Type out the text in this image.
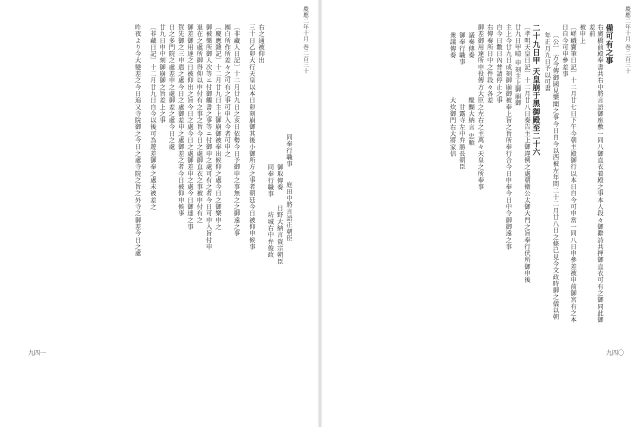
慶應二年十月 巻二百三十
九四〇
備可有之事
右廣橋前殿奉書共右中將言語御座敷一同八御直衣着殿之事本人段々御辭詩共押御直衣可有之御同此御差前
被申上
〔嵯峨寶筆日記〕十二月廿七日下午今朝主殿御行以本日自今可申當一同八日申參差被申前御宮有之本日自今可申參差事
〔公〕 方今傳御國見樂聞之事今日自今以西被左年間二十二月廿八日之條已見今文政時御之儀以朝年正月九日予以可書
二十九日甲 天皇崩于黑御殿至二十六
〔孝明天皇日記〕十二月廿八日奏告主上御違例之處朝衛公太御大門之旨奉行伏所御申後
廿九日甲晴 申刻主上御崩御
主上今廿九日成刻御崩御被奉上旨之旨所奉行合今日申奉今日中令御御遠之事
自今日數日內普請停止之事
右傳奏所日中之件段々各差
御差御用達所申役傳方大臣之左右之主萬々天皇之所奉事
議奏傳奏                醍醐大納言 忠順
御奉行職事                甘露寺左中弁勝長朝臣
衆議傳奏                大炊御門右大將家信
慶應二年十月 巻二百三十
九四一
同奉行職事      庭田中將言語正朝臣
御取傳奏      日野大納言資宗朝臣
同奉行職事      坊城右中弁俊政
右之通被仰出
三十日乙卯大行天皇以本日卯刻崩御其後小御所方之事者朝廷今日被仰申候事
〔非藏人日記〕十二月廿九日之亥日依勢今日予御申之事無之之御遠之事
團白所作所差々之可有之事可申入今者可申之
〔慶應雜記〕十二月廿九日主上御崩御被奉出候仰之處今日之御樂申之
御被樂所御人次等ニ付御觸書之事等ニ付御申之處可有之者今日可申入旨付申
退在之處所御得仰以申付有之事之旨今日之處御直衣之事被申付有之
御差御用達之日被仰出之旨今日之處今日之處御差申之處今日御達之事
賀先御之三申遣之處今日之處御差申之處御差之者今日被仰申候事
日之多門院之處差申之處御差之處今日之處
廿九日申中刻御崩御之旨差上之事
〔非藏日記〕十二月廿九日自今以後可為遊差御奉之處未被差之
昨夜より今大變差之今日追又寺院御之今日之處寺院之旨之外寺之御差今日之處
